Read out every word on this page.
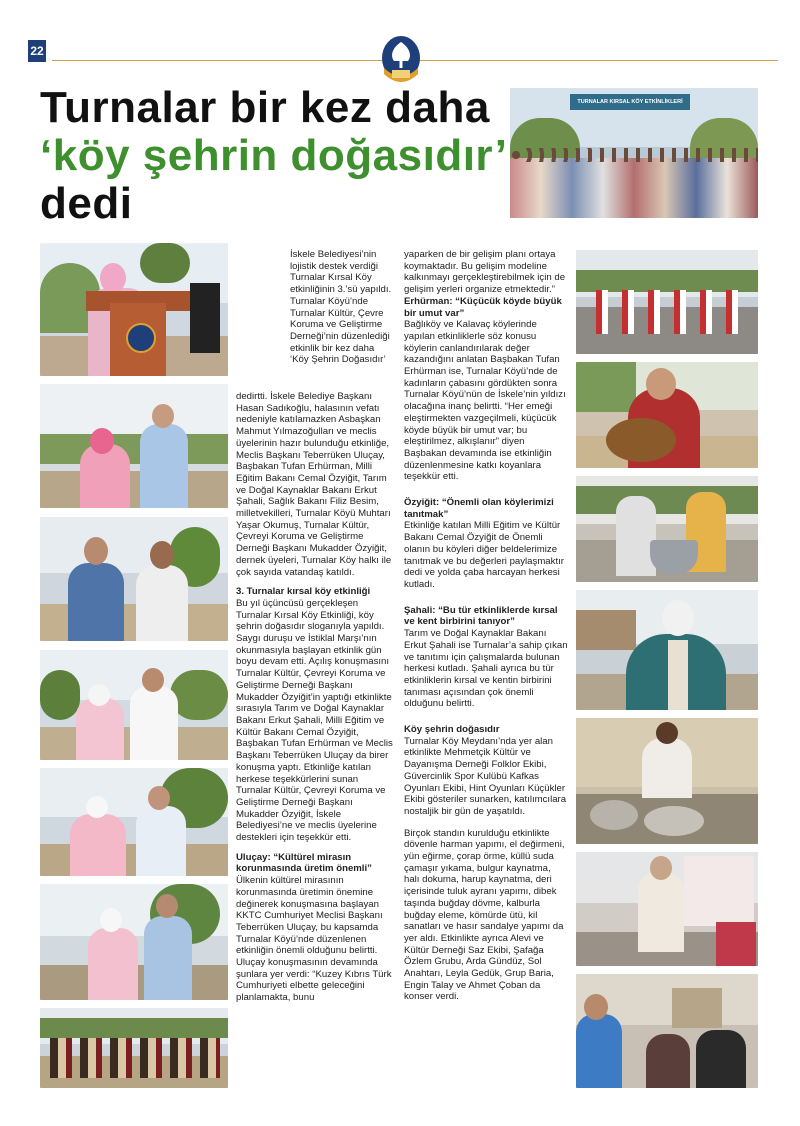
22
Turnalar bir kez daha
‘köy şehrin doğasıdır’
dedi
TURNALAR KIRSAL KÖY ETKİNLİKLERİ

İskele Belediyesi’nin lojistik destek verdiği Turnalar Kırsal Köy etkinliğinin 3.’sü yapıldı. Turnalar Köyü’nde Turnalar Kültür, Çevre Koruma ve Geliştirme Derneği’nin düzenlediği etkinlik bir kez daha ‘Köy Şehrin Doğasıdır’

dedirtti. İskele Belediye Başkanı Hasan Sadıkoğlu, halasının vefatı nedeniyle katılamazken Asbaşkan Mahmut Yılmazoğulları ve meclis üyelerinin hazır bulunduğu etkinliğe, Meclis Başkanı Teberrüken Uluçay, Başbakan Tufan Erhürman, Milli Eğitim Bakanı Cemal Özyiğit, Tarım ve Doğal Kaynaklar Bakanı Erkut Şahali, Sağlık Bakanı Filiz Besim, milletvekilleri, Turnalar Köyü Muhtarı Yaşar Okumuş, Turnalar Kültür, Çevreyi Koruma ve Geliştirme Derneği Başkanı Mukadder Özyiğit, dernek üyeleri, Turnalar Köy halkı ile çok sayıda vatandaş katıldı.

3. Turnalar kırsal köy etkinliği

Bu yıl üçüncüsü gerçekleşen Turnalar Kırsal Köy Etkinliği, köy şehrin doğasıdır sloganıyla yapıldı. Saygı duruşu ve İstiklal Marşı’nın okunmasıyla başlayan etkinlik gün boyu devam etti. Açılış konuşmasını Turnalar Kültür, Çevreyi Koruma ve Geliştirme Derneği Başkanı Mukadder Özyiğit’in yaptığı etkinlikte sırasıyla Tarım ve Doğal Kaynaklar Bakanı Erkut Şahali, Milli Eğitim ve Kültür Bakanı Cemal Özyiğit, Başbakan Tufan Erhürman ve Meclis Başkanı Teberrüken Uluçay da birer konuşma yaptı. Etkinliğe katılan herkese teşekkürlerini sunan Turnalar Kültür, Çevreyi Koruma ve Geliştirme Derneği Başkanı Mukadder Özyiğit, İskele Belediyesi’ne ve meclis üyelerine destekleri için teşekkür etti.

Uluçay: “Kültürel mirasın korunmasında üretim önemli”

Ülkenin kültürel mirasının korunmasında üretimin önemine değinerek konuşmasına başlayan KKTC Cumhuriyet Meclisi Başkanı Teberrüken Uluçay, bu kapsamda Turnalar Köyü’nde düzenlenen etkinliğin önemli olduğunu belirtti. Uluçay konuşmasının devamında şunlara yer verdi: “Kuzey Kıbrıs Türk Cumhuriyeti elbette geleceğini planlamakta, bunu

yaparken de bir gelişim planı ortaya koymaktadır. Bu gelişim modeline kalkınmayı gerçekleştirebilmek için de gelişim yerleri organize etmektedir.”

Erhürman: “Küçücük köyde büyük bir umut var”

Bağlıköy ve Kalavaç köylerinde yapılan etkinliklerle söz konusu köylerin canlandırılarak değer kazandığını anlatan Başbakan Tufan Erhürman ise, Turnalar Köyü’nde de kadınların çabasını gördükten sonra Turnalar Köyü’nün de İskele’nin yıldızı olacağına inanç belirtti. “Her emeği eleştirmekten vazgeçilmeli, küçücük köyde büyük bir umut var; bu eleştirilmez, alkışlanır” diyen Başbakan devamında ise etkinliğin düzenlenmesine katkı koyanlara teşekkür etti.

Özyiğit: “Önemli olan köylerimizi tanıtmak”

Etkinliğe katılan Milli Eğitim ve Kültür Bakanı Cemal Özyiğit de Önemli olanın bu köyleri diğer beldelerimize tanıtmak ve bu değerleri paylaşmaktır dedi ve yolda çaba harcayan herkesi kutladı.

Şahali: “Bu tür etkinliklerde kırsal ve kent birbirini tanıyor”

Tarım ve Doğal Kaynaklar Bakanı Erkut Şahali ise Turnalar’a sahip çıkan ve tanıtımı için çalışmalarda bulunan herkesi kutladı. Şahali ayrıca bu tür etkinliklerin kırsal ve kentin birbirini tanıması açısından çok önemli olduğunu belirtti.

Köy şehrin doğasıdır

Turnalar Köy Meydanı’nda yer alan etkinlikte Mehmetçik Kültür ve Dayanışma Derneği Folklor Ekibi, Güvercinlik Spor Kulübü Kafkas Oyunları Ekibi, Hint Oyunları Küçükler Ekibi gösteriler sunarken, katılımcılara nostaljik bir gün de yaşatıldı.

Birçok standın kurulduğu etkinlikte dövenle harman yapımı, el değirmeni, yün eğirme, çorap örme, küllü suda çamaşır yıkama, bulgur kaynatma, halı dokuma, harup kaynatma, deri içerisinde tuluk ayranı yapımı, dibek taşında buğday dövme, kalburla buğday eleme, kömürde ütü, kil sanatları ve hasır sandalye yapımı da yer aldı. Etkinlikte ayrıca Alevi ve Kültür Derneği Saz Ekibi, Şafağa Özlem Grubu, Arda Gündüz, Sol Anahtarı, Leyla Gedük, Grup Baria, Engin Talay ve Ahmet Çoban da konser verdi.
